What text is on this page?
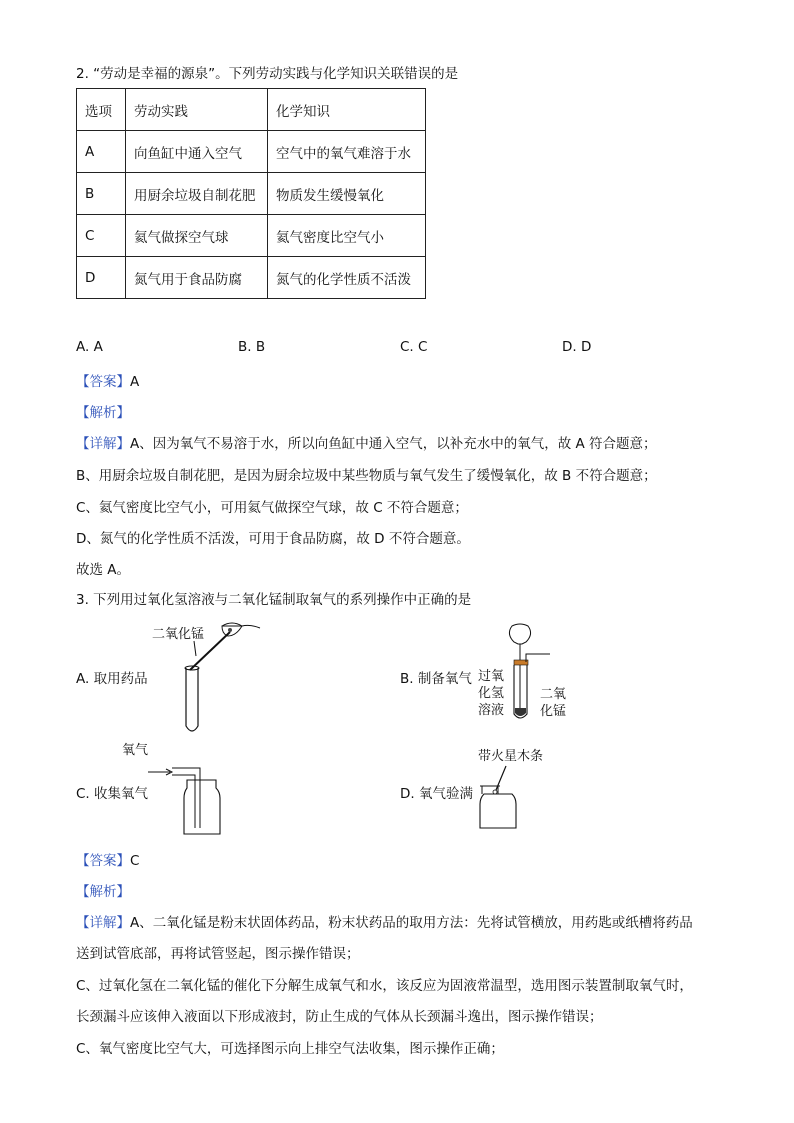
2. “劳动是幸福的源泉”。下列劳动实践与化学知识关联错误的是
选项	劳动实践	化学知识
A	向鱼缸中通入空气	空气中的氧气难溶于水
B	用厨余垃圾自制花肥	物质发生缓慢氧化
C	氦气做探空气球	氦气密度比空气小
D	氮气用于食品防腐	氮气的化学性质不活泼
A. A	B. B	C. C	D. D
【答案】A
【解析】
【详解】A、因为氧气不易溶于水，所以向鱼缸中通入空气，以补充水中的氧气，故 A 符合题意；
B、用厨余垃圾自制花肥，是因为厨余垃圾中某些物质与氧气发生了缓慢氧化，故 B 不符合题意；
C、氦气密度比空气小，可用氦气做探空气球，故 C 不符合题意；
D、氮气的化学性质不活泼，可用于食品防腐，故 D 不符合题意。
故选 A。
3. 下列用过氧化氢溶液与二氧化锰制取氧气的系列操作中正确的是
A. 取用药品	B. 制备氧气
C. 收集氧气	D. 氧气验满
二氧化锰
过氧
化氢
溶液
二氧
化锰
氧气	带火星木条
【答案】C
【解析】
【详解】A、二氧化锰是粉末状固体药品，粉末状药品的取用方法：先将试管横放，用药匙或纸槽将药品
送到试管底部，再将试管竖起，图示操作错误；
C、过氧化氢在二氧化锰的催化下分解生成氧气和水，该反应为固液常温型，选用图示装置制取氧气时，
长颈漏斗应该伸入液面以下形成液封，防止生成的气体从长颈漏斗逸出，图示操作错误；
C、氧气密度比空气大，可选择图示向上排空气法收集，图示操作正确；
